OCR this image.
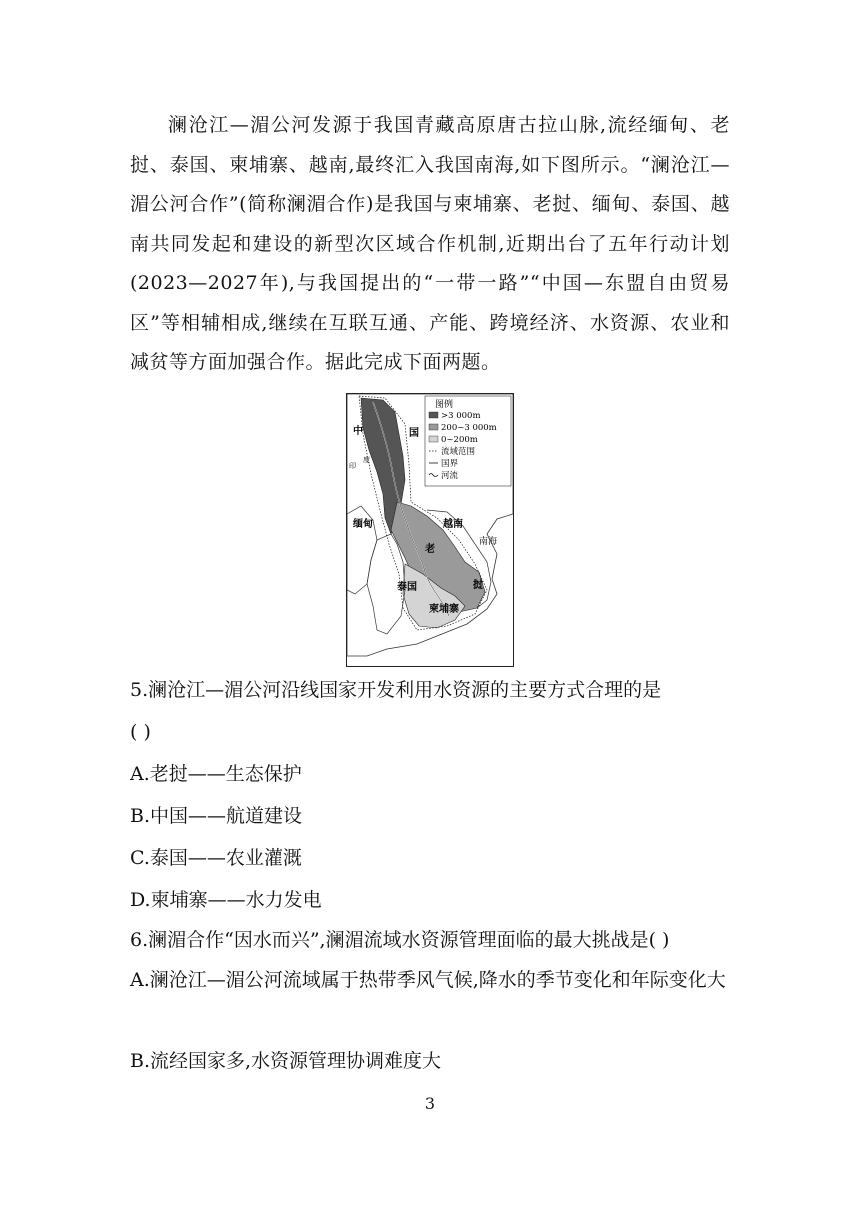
澜沧江—湄公河发源于我国青藏高原唐古拉山脉,流经缅甸、老挝、泰国、柬埔寨、越南,最终汇入我国南海,如下图所示。“澜沧江—湄公河合作”(简称澜湄合作)是我国与柬埔寨、老挝、缅甸、泰国、越南共同发起和建设的新型次区域合作机制,近期出台了五年行动计划(2023—2027年),与我国提出的“一带一路”“中国—东盟自由贸易区”等相辅相成,继续在互联互通、产能、跨境经济、水资源、农业和减贫等方面加强合作。据此完成下面两题。

图例
>3 000m
200~3 000m
0~200m
流域范围
国界
河流
中	国
印
度
缅甸	越南
老
挝
泰国
柬埔寨
南海
5.澜沧江—湄公河沿线国家开发利用水资源的主要方式合理的是
( )
A.老挝——生态保护
B.中国——航道建设
C.泰国——农业灌溉
D.柬埔寨——水力发电
6.澜湄合作“因水而兴”,澜湄流域水资源管理面临的最大挑战是( )
A.澜沧江—湄公河流域属于热带季风气候,降水的季节变化和年际变化大
B.流经国家多,水资源管理协调难度大
3
